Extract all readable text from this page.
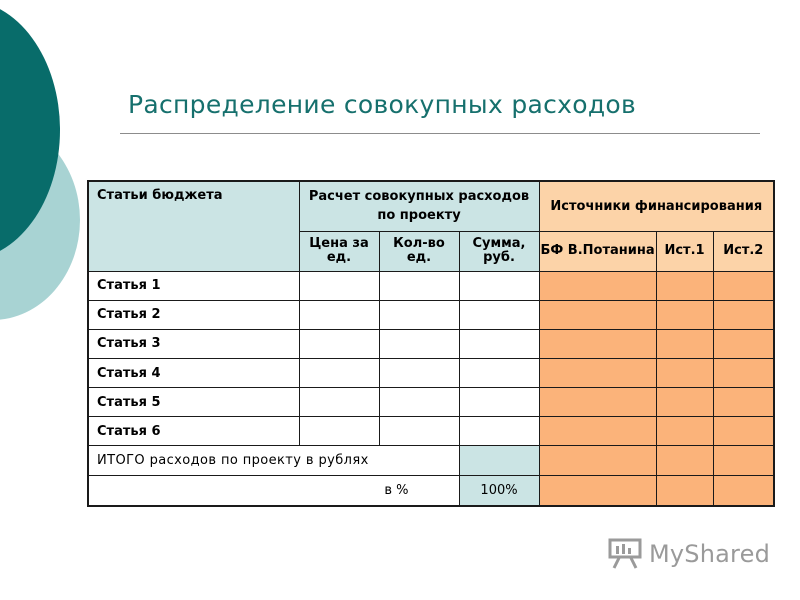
Распределение совокупных расходов
Статьи бюджета	Расчет совокупных расходов по проекту			Источники финансирования		
	Цена за ед.	Кол-во ед.	Сумма, руб.	БФ В.Потанина	Ист.1	Ист.2
Статья 1						
Статья 2						
Статья 3						
Статья 4						
Статья 5						
Статья 6						
ИТОГО расходов по проекту в рублях						
в %			100%			
MyShared
